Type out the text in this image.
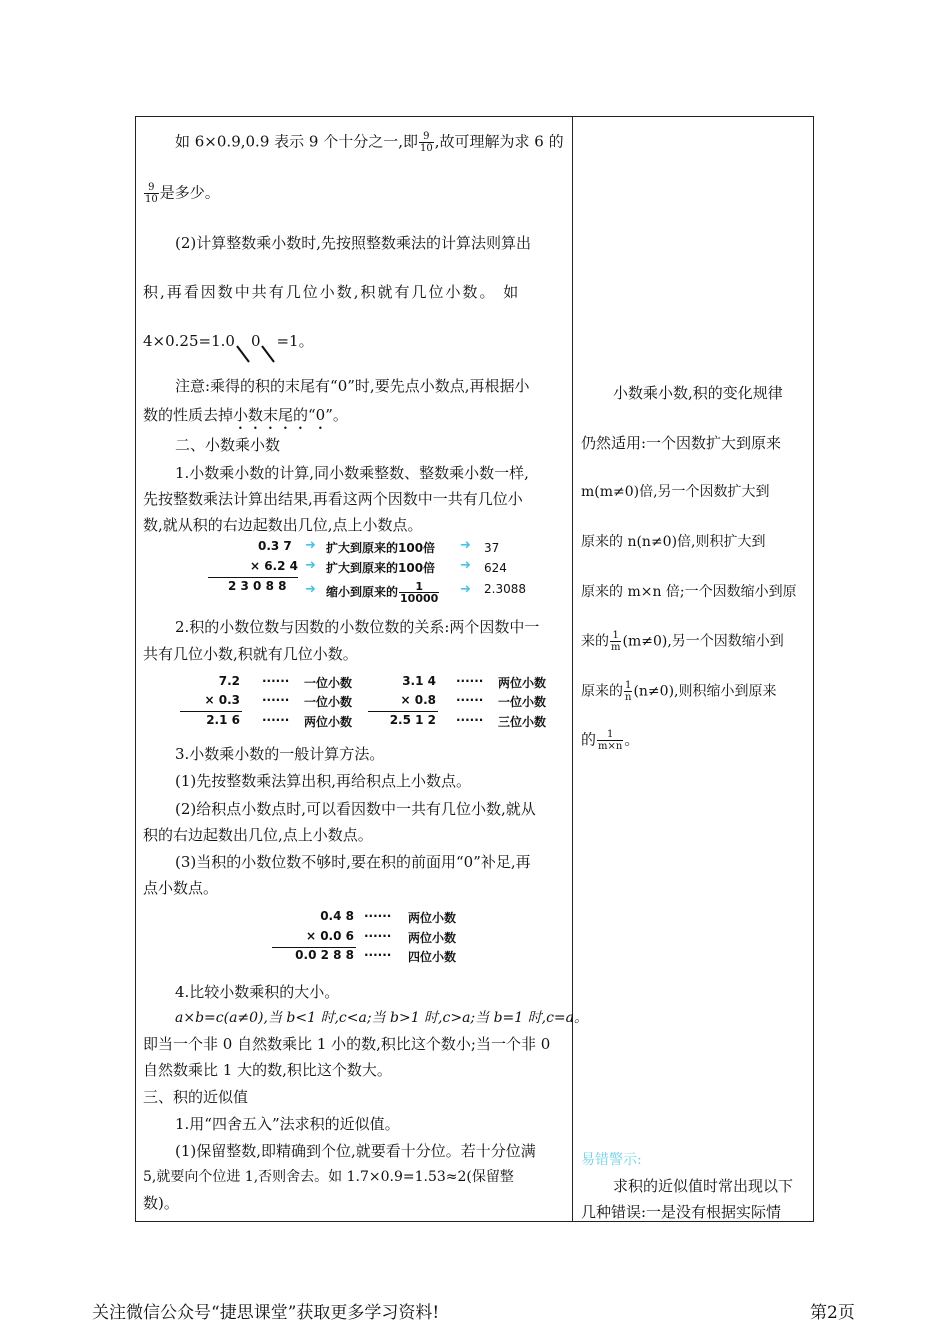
如 6×0.9,0.9 表示 9 个十分之一,即 $\frac{9}{10}$ ,故可理解为求 6 的
$\frac{9}{10}$ 是多少。
(2)计算整数乘小数时,先按照整数乘法的计算法则算出
积,再看因数中共有几位小数,积就有几位小数。 如
4×0.25=1.0 0 =1。
注意:乘得的积的末尾有“0”时,要先点小数点,再根据小
数的性质去掉小数末尾的“0”。
二、小数乘小数
1.小数乘小数的计算,同小数乘整数、整数乘小数一样,
先按整数乘法计算出结果,再看这两个因数中一共有几位小
数,就从积的右边起数出几位,点上小数点。
0.3 7
× 6.2 4
2 3 0 8 8
➜
➜
➜
扩大到原来的100倍
扩大到原来的100倍
缩小到原来的 $\frac{1}{10000}$
➜
➜
➜
37
624
2.3088
2.积的小数位数与因数的小数位数的关系:两个因数中一
共有几位小数,积就有几位小数。
7.2
× 0.3
2.1 6
······
······
······
一位小数
一位小数
两位小数
3.1 4
× 0.8
2.5 1 2
······
······
······
两位小数
一位小数
三位小数
3.小数乘小数的一般计算方法。
(1)先按整数乘法算出积,再给积点上小数点。
(2)给积点小数点时,可以看因数中一共有几位小数,就从
积的右边起数出几位,点上小数点。
(3)当积的小数位数不够时,要在积的前面用“0”补足,再
点小数点。
0.4 8
× 0.0 6
0.0 2 8 8
······
······
······
两位小数
两位小数
四位小数
4.比较小数乘积的大小。
a×b=c(a≠0),当 b<1 时,c<a;当 b>1 时,c>a;当 b=1 时,c=a。
即当一个非 0 自然数乘比 1 小的数,积比这个数小;当一个非 0
自然数乘比 1 大的数,积比这个数大。
三、积的近似值
1.用“四舍五入”法求积的近似值。
(1)保留整数,即精确到个位,就要看十分位。若十分位满
5,就要向个位进 1,否则舍去。如 1.7×0.9=1.53≈2(保留整
数)。
小数乘小数,积的变化规律
仍然适用:一个因数扩大到原来
m(m≠0)倍,另一个因数扩大到
原来的 n(n≠0)倍,则积扩大到
原来的 m×n 倍;一个因数缩小到原
来的 $\frac{1}{m} (m\ne 0)$,另一个因数缩小到
原来的 $\frac{1}{n} (n\ne 0)$,则积缩小到原来
的 $\frac{1}{m\times n}$ 。
易错警示:
求积的近似值时常出现以下
几种错误:一是没有根据实际情
关注微信公众号“捷思课堂”获取更多学习资料!	第2页
